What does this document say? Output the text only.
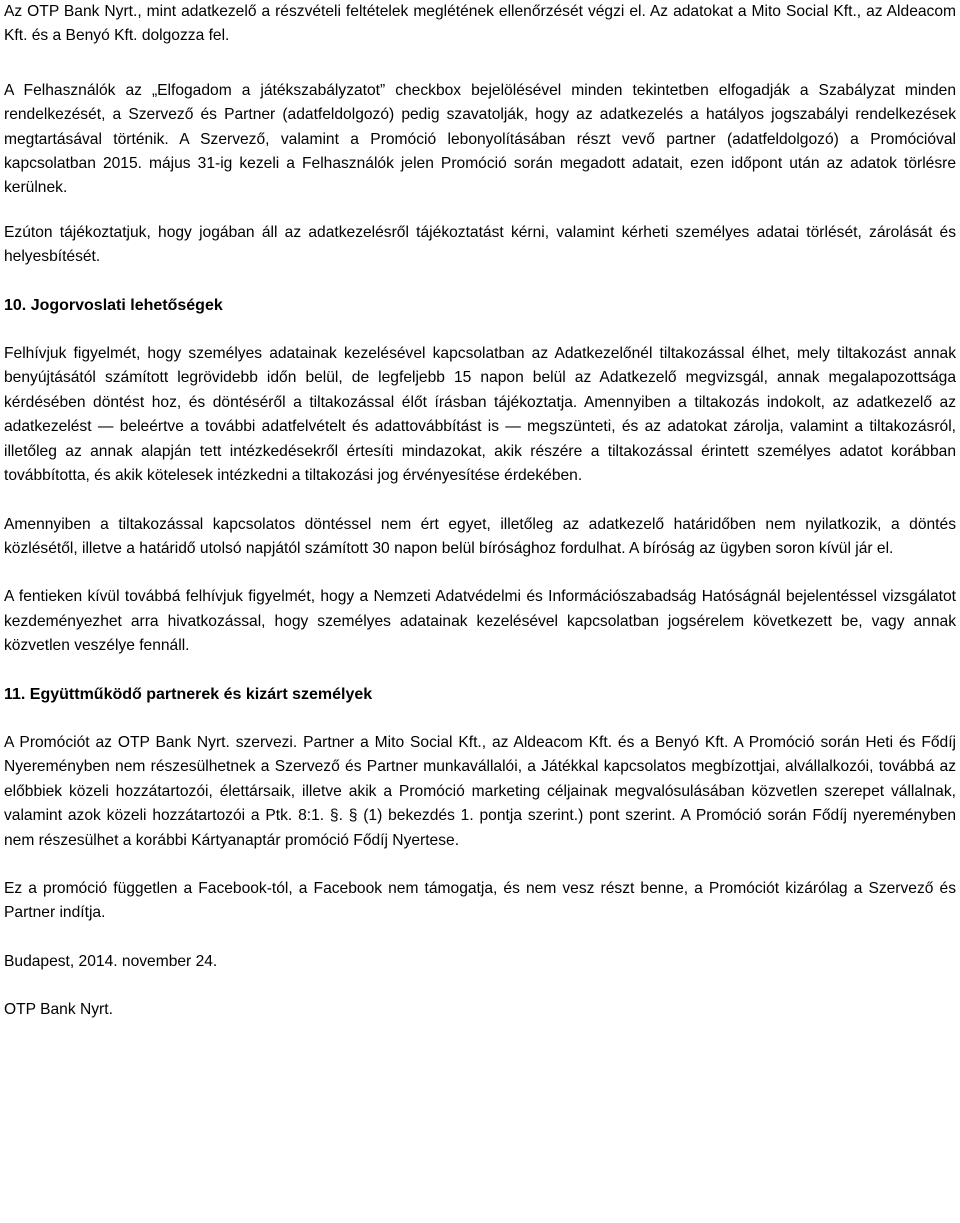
Az OTP Bank Nyrt., mint adatkezelő a részvételi feltételek meglétének ellenőrzését végzi el. Az adatokat a Mito Social Kft., az Aldeacom Kft. és a Benyó Kft. dolgozza fel.

A Felhasználók az „Elfogadom a játékszabályzatot” checkbox bejelölésével minden tekintetben elfogadják a Szabályzat minden rendelkezését, a Szervező és Partner (adatfeldolgozó) pedig szavatolják, hogy az adatkezelés a hatályos jogszabályi rendelkezések megtartásával történik. A Szervező, valamint a Promóció lebonyolításában részt vevő partner (adatfeldolgozó) a Promócióval kapcsolatban 2015. május 31-ig kezeli a Felhasználók jelen Promóció során megadott adatait, ezen időpont után az adatok törlésre kerülnek.

Ezúton tájékoztatjuk, hogy jogában áll az adatkezelésről tájékoztatást kérni, valamint kérheti személyes adatai törlését, zárolását és helyesbítését.

10. Jogorvoslati lehetőségek

Felhívjuk figyelmét, hogy személyes adatainak kezelésével kapcsolatban az Adatkezelőnél tiltakozással élhet, mely tiltakozást annak benyújtásától számított legrövidebb időn belül, de legfeljebb 15 napon belül az Adatkezelő megvizsgál, annak megalapozottsága kérdésében döntést hoz, és döntéséről a tiltakozással élőt írásban tájékoztatja. Amennyiben a tiltakozás indokolt, az adatkezelő az adatkezelést — beleértve a további adatfelvételt és adattovábbítást is — megszünteti, és az adatokat zárolja, valamint a tiltakozásról, illetőleg az annak alapján tett intézkedésekről értesíti mindazokat, akik részére a tiltakozással érintett személyes adatot korábban továbbította, és akik kötelesek intézkedni a tiltakozási jog érvényesítése érdekében.

Amennyiben a tiltakozással kapcsolatos döntéssel nem ért egyet, illetőleg az adatkezelő határidőben nem nyilatkozik, a döntés közlésétől, illetve a határidő utolsó napjától számított 30 napon belül bírósághoz fordulhat. A bíróság az ügyben soron kívül jár el.

A fentieken kívül továbbá felhívjuk figyelmét, hogy a Nemzeti Adatvédelmi és Információszabadság Hatóságnál bejelentéssel vizsgálatot kezdeményezhet arra hivatkozással, hogy személyes adatainak kezelésével kapcsolatban jogsérelem következett be, vagy annak közvetlen veszélye fennáll.

11. Együttműködő partnerek és kizárt személyek

A Promóciót az OTP Bank Nyrt. szervezi. Partner a Mito Social Kft., az Aldeacom Kft. és a Benyó Kft. A Promóció során Heti és Fődíj Nyereményben nem részesülhetnek a Szervező és Partner munkavállalói, a Játékkal kapcsolatos megbízottjai, alvállalkozói, továbbá az előbbiek közeli hozzátartozói, élettársaik, illetve akik a Promóció marketing céljainak megvalósulásában közvetlen szerepet vállalnak, valamint azok közeli hozzátartozói a Ptk. 8:1. §. § (1) bekezdés 1. pontja szerint.) pont szerint. A Promóció során Fődíj nyereményben nem részesülhet a korábbi Kártyanaptár promóció Fődíj Nyertese.

Ez a promóció független a Facebook-tól, a Facebook nem támogatja, és nem vesz részt benne, a Promóciót kizárólag a Szervező és Partner indítja.

Budapest, 2014. november 24.

OTP Bank Nyrt.
